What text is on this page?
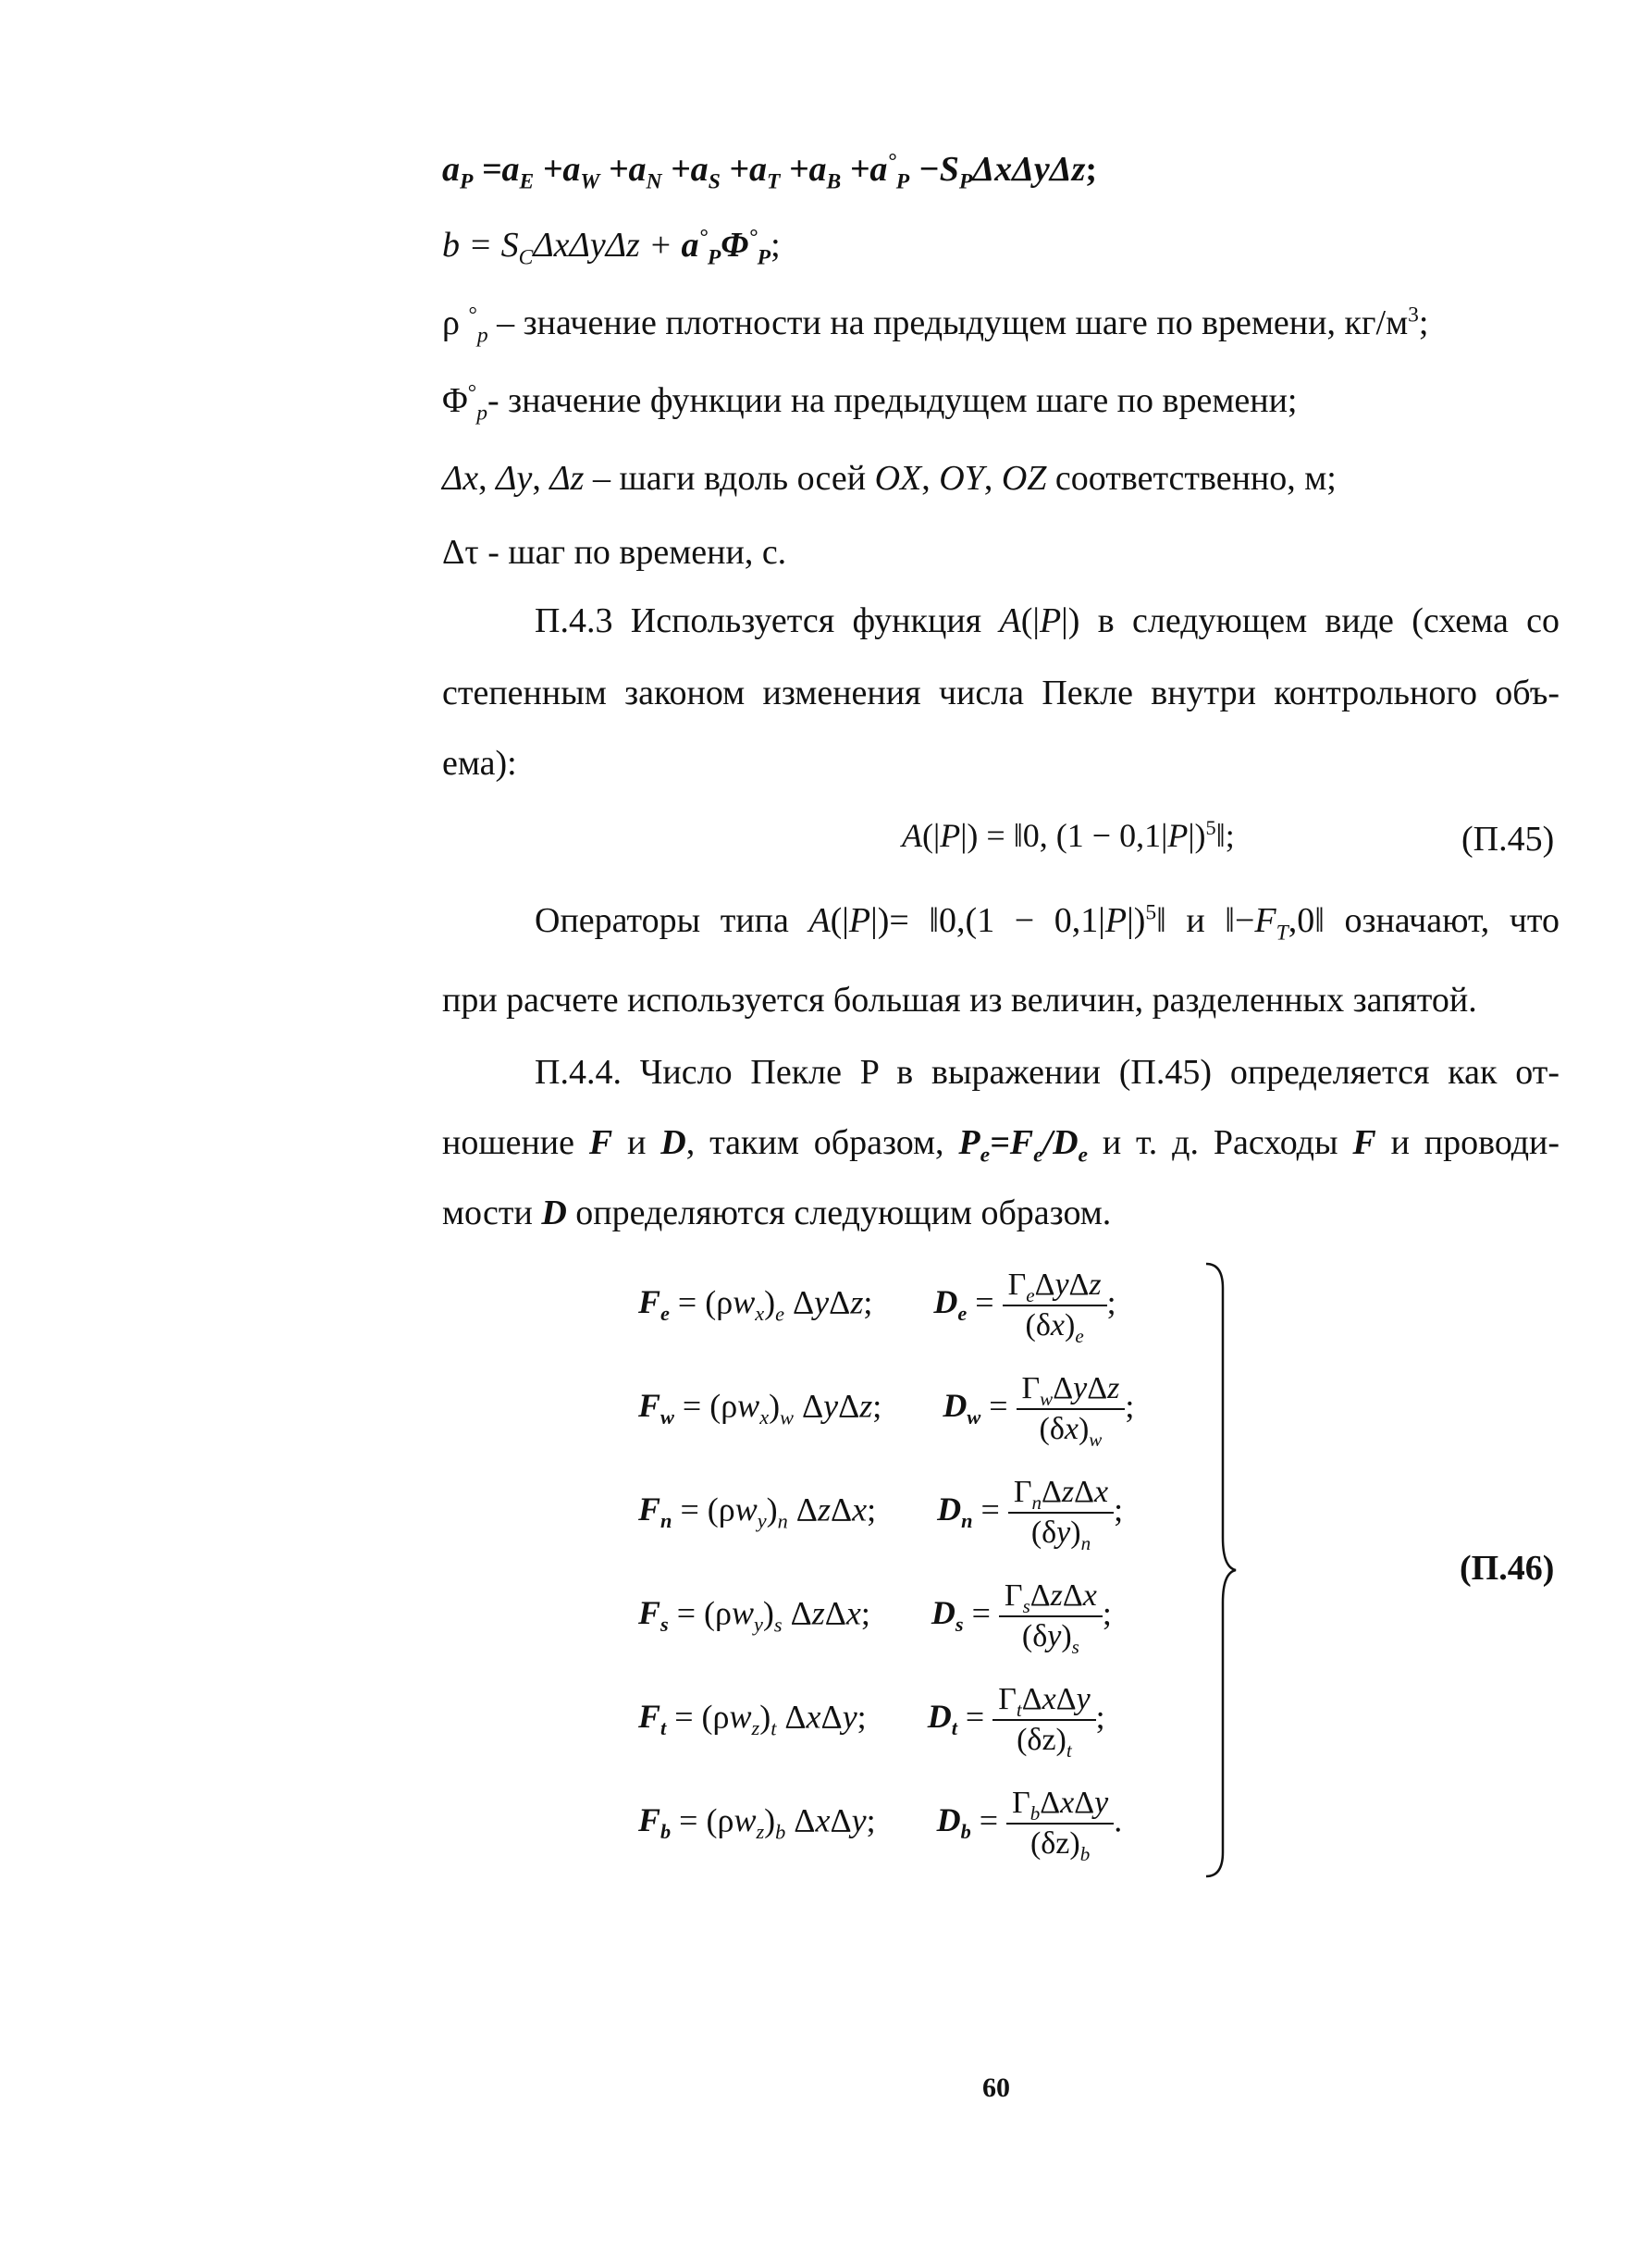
$a_P =a_E +a_W +a_N +a_S +a_T +a_B +a^\circ_P -S_P\Delta x\Delta y\Delta z$;
$b = S_C\Delta x\Delta y\Delta z + a^\circ_P\Phi^\circ_P$;
ρ °$_p$ – значение плотности на предыдущем шаге по времени, $кг/м^3$;
$\Phi^\circ_p-$ значение функции на предыдущем шаге по времени;
Δx, Δy, Δz – шаги вдоль осей OX, OY, OZ соответственно, м;
Δτ - шаг по времени, с.
П.4.3 Используется функция A(|P|) в следующем виде (схема со
степенным законом изменения числа Пекле внутри контрольного объ-
ема):
A(|P|) = ‖0, $(1 - 0,1|P|)^5‖$;	(П.45)
Операторы типа A(|P|)= ‖0,(1 − 0,1|P|)$^5$‖ и $‖-F_T,0‖$ означают, что
при расчете используется большая из величин, разделенных запятой.
П.4.4. Число Пекле P в выражении (П.45) определяется как от-
ношение F и D, таким образом, $P_e=F_e/D_e$ и т. д. Расходы F и проводи-
мости D определяются следующим образом.
$F_e = (\rho w_x)_e$ ΔyΔz;  $D_e = \frac{\Gamma_e\Delta y\Delta z}{(\delta x)_e}$ ;
$F_w = (\rho w_x)_w$ ΔyΔz;  $D_w = \frac{\Gamma_w\Delta y\Delta z}{(\delta x)_w}$ ;
$F_n = (\rho w_y)_n$ ΔzΔx;  $D_n = \frac{\Gamma_n\Delta z\Delta x}{(\delta y)_n}$ ;
$F_s = (\rho w_y)_s$ ΔzΔx;  $D_s = \frac{\Gamma_s\Delta z\Delta x}{(\delta y)_s}$ ;
$F_t = (\rho w_z)_t$ ΔxΔy;  $D_t = \frac{\Gamma_t\Delta x\Delta y}{(\delta z)_t}$ ;
$F_b = (\rho w_z)_b$ ΔxΔy;  $D_b = \frac{\Gamma_b\Delta x\Delta y}{(\delta z)_b}$ .
(П.46)
60
